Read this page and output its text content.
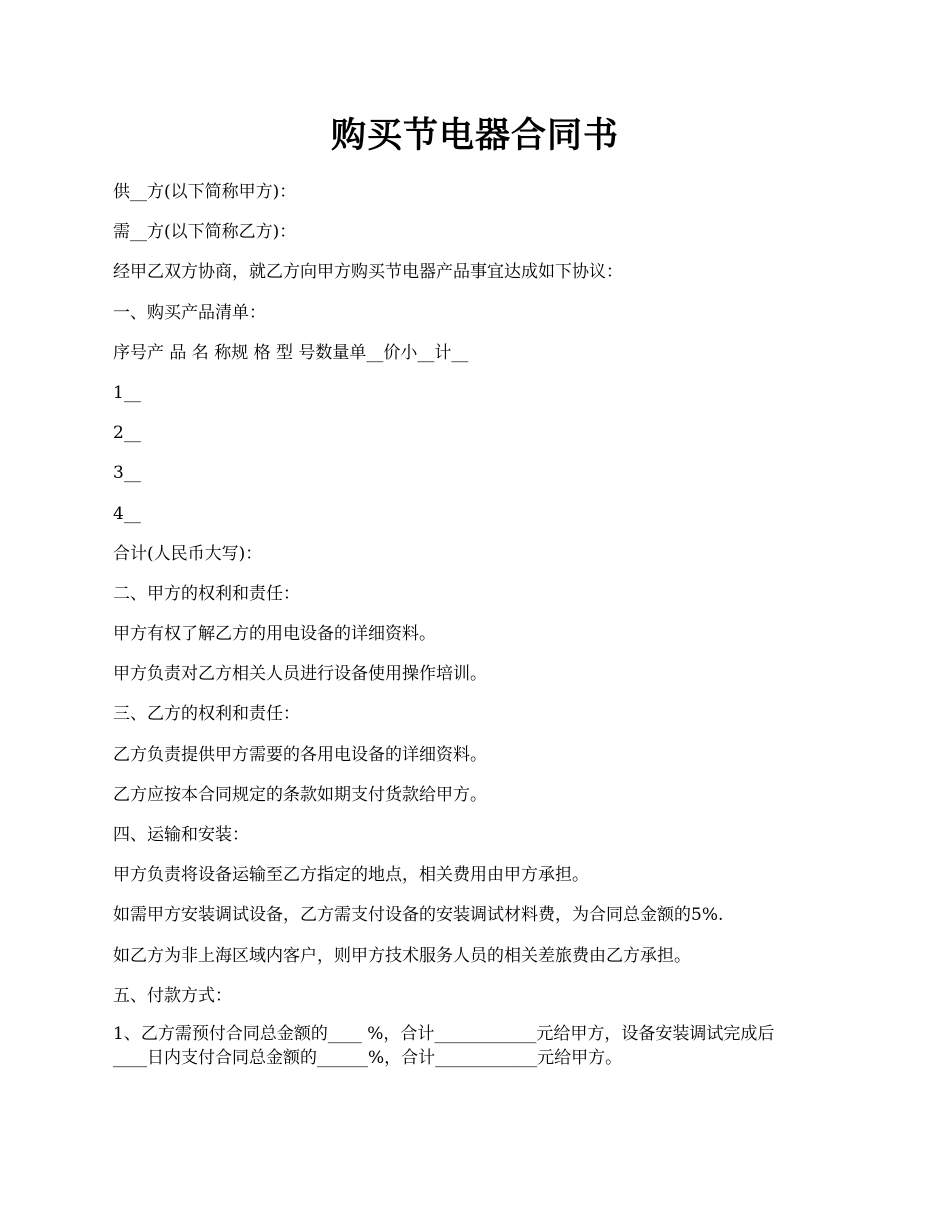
购买节电器合同书

供__方(以下简称甲方)：

需__方(以下简称乙方)：

经甲乙双方协商，就乙方向甲方购买节电器产品事宜达成如下协议：

一、购买产品清单：

序号产 品 名 称规 格 型 号数量单__价小__计__

1__

2__

3__

4__

合计(人民币大写)：

二、甲方的权利和责任：

甲方有权了解乙方的用电设备的详细资料。

甲方负责对乙方相关人员进行设备使用操作培训。

三、乙方的权利和责任：

乙方负责提供甲方需要的各用电设备的详细资料。

乙方应按本合同规定的条款如期支付货款给甲方。

四、运输和安装：

甲方负责将设备运输至乙方指定的地点，相关费用由甲方承担。

如需甲方安装调试设备，乙方需支付设备的安装调试材料费，为合同总金额的5%.

如乙方为非上海区域内客户，则甲方技术服务人员的相关差旅费由乙方承担。

五、付款方式：

1、乙方需预付合同总金额的____ %，合计____________元给甲方，设备安装调试完成后

____日内支付合同总金额的______%，合计____________元给甲方。
